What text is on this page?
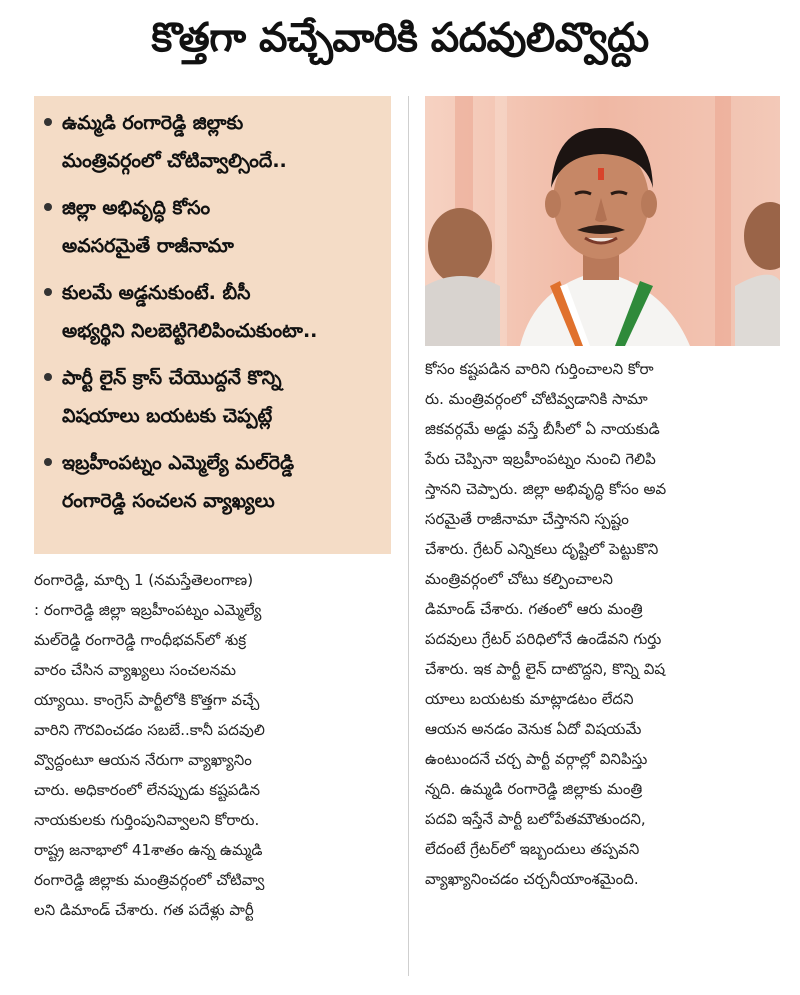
కొత్తగా వచ్చేవారికి పదవులివ్వొద్దు
ఉమ్మడి రంగారెడ్డి జిల్లాకు
మంత్రివర్గంలో చోటివ్వాల్సిందే..
జిల్లా అభివృద్ధి కోసం
అవసరమైతే రాజీనామా
కులమే అడ్డనుకుంటే. బీసీ
అభ్యర్థిని నిలబెట్టిగెలిపించుకుంటా..
పార్టీ లైన్ క్రాస్ చేయొద్దనే కొన్ని
విషయాలు బయటకు చెప్పట్లే
ఇబ్రహీంపట్నం ఎమ్మెల్యే మల్‌రెడ్డి
రంగారెడ్డి సంచలన వ్యాఖ్యలు
రంగారెడ్డి, మార్చి 1 (నమస్తేతెలంగాణ)
: రంగారెడ్డి జిల్లా ఇబ్రహీంపట్నం ఎమ్మెల్యే
మల్‌రెడ్డి రంగారెడ్డి గాంధీభవన్‌లో శుక్ర
వారం చేసిన వ్యాఖ్యలు సంచలనమ
య్యాయి. కాంగ్రెస్ పార్టీలోకి కొత్తగా వచ్చే
వారిని గౌరవించడం సబబే..కానీ పదవులి
వ్వొద్దంటూ ఆయన నేరుగా వ్యాఖ్యానిం
చారు. అధికారంలో లేనప్పుడు కష్టపడిన
నాయకులకు గుర్తింపునివ్వాలని కోరారు.
రాష్ట్ర జనాభాలో 41శాతం ఉన్న ఉమ్మడి
రంగారెడ్డి జిల్లాకు మంత్రివర్గంలో చోటివ్వా
లని డిమాండ్ చేశారు. గత పదేళ్లు పార్టీ
కోసం కష్టపడిన వారిని గుర్తించాలని కోరా
రు. మంత్రివర్గంలో చోటివ్వడానికి సామా
జికవర్గమే అడ్డు వస్తే బీసీలో ఏ నాయకుడి
పేరు చెప్పినా ఇబ్రహీంపట్నం నుంచి గెలిపి
స్తానని చెప్పారు. జిల్లా అభివృద్ధి కోసం అవ
సరమైతే రాజీనామా చేస్తానని స్పష్టం
చేశారు. గ్రేటర్ ఎన్నికలు దృష్టిలో పెట్టుకొని
మంత్రివర్గంలో చోటు కల్పించాలని
డిమాండ్ చేశారు. గతంలో ఆరు మంత్రి
పదవులు గ్రేటర్ పరిధిలోనే ఉండేవని గుర్తు
చేశారు. ఇక పార్టీ లైన్ దాటొద్దని, కొన్ని విష
యాలు బయటకు మాట్లాడటం లేదని
ఆయన అనడం వెనుక ఏదో విషయమే
ఉంటుందనే చర్చ పార్టీ వర్గాల్లో వినిపిస్తు
న్నది. ఉమ్మడి రంగారెడ్డి జిల్లాకు మంత్రి
పదవి ఇస్తేనే పార్టీ బలోపేతమౌతుందని,
లేదంటే గ్రేటర్‌లో ఇబ్బందులు తప్పవని
వ్యాఖ్యానించడం చర్చనీయాంశమైంది.
